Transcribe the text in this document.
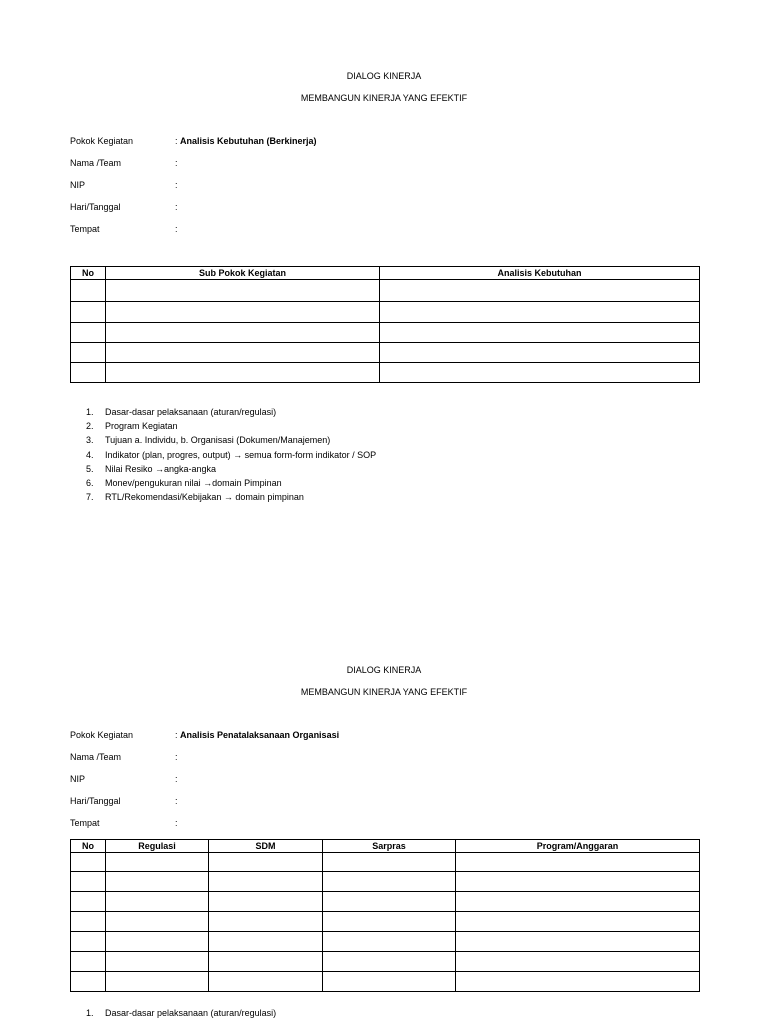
DIALOG KINERJA
MEMBANGUN KINERJA YANG EFEKTIF
Pokok Kegiatan	: Analisis Kebutuhan (Berkinerja)
Nama /Team	:
NIP	:
Hari/Tanggal	:
Tempat	:
No	Sub Pokok Kegiatan	Analisis Kebutuhan

1. Dasar-dasar pelaksanaan (aturan/regulasi)
2. Program Kegiatan
3. Tujuan a. Individu, b. Organisasi (Dokumen/Manajemen)
4. Indikator (plan, progres, output) → semua form-form indikator / SOP
5. Nilai Resiko →angka-angka
6. Monev/pengukuran nilai →domain Pimpinan
7. RTL/Rekomendasi/Kebijakan → domain pimpinan
DIALOG KINERJA
MEMBANGUN KINERJA YANG EFEKTIF
Pokok Kegiatan	: Analisis Penatalaksanaan Organisasi
Nama /Team	:
NIP	:
Hari/Tanggal	:
Tempat	:
No	Regulasi	SDM	Sarpras	Program/Anggaran

1. Dasar-dasar pelaksanaan (aturan/regulasi)
